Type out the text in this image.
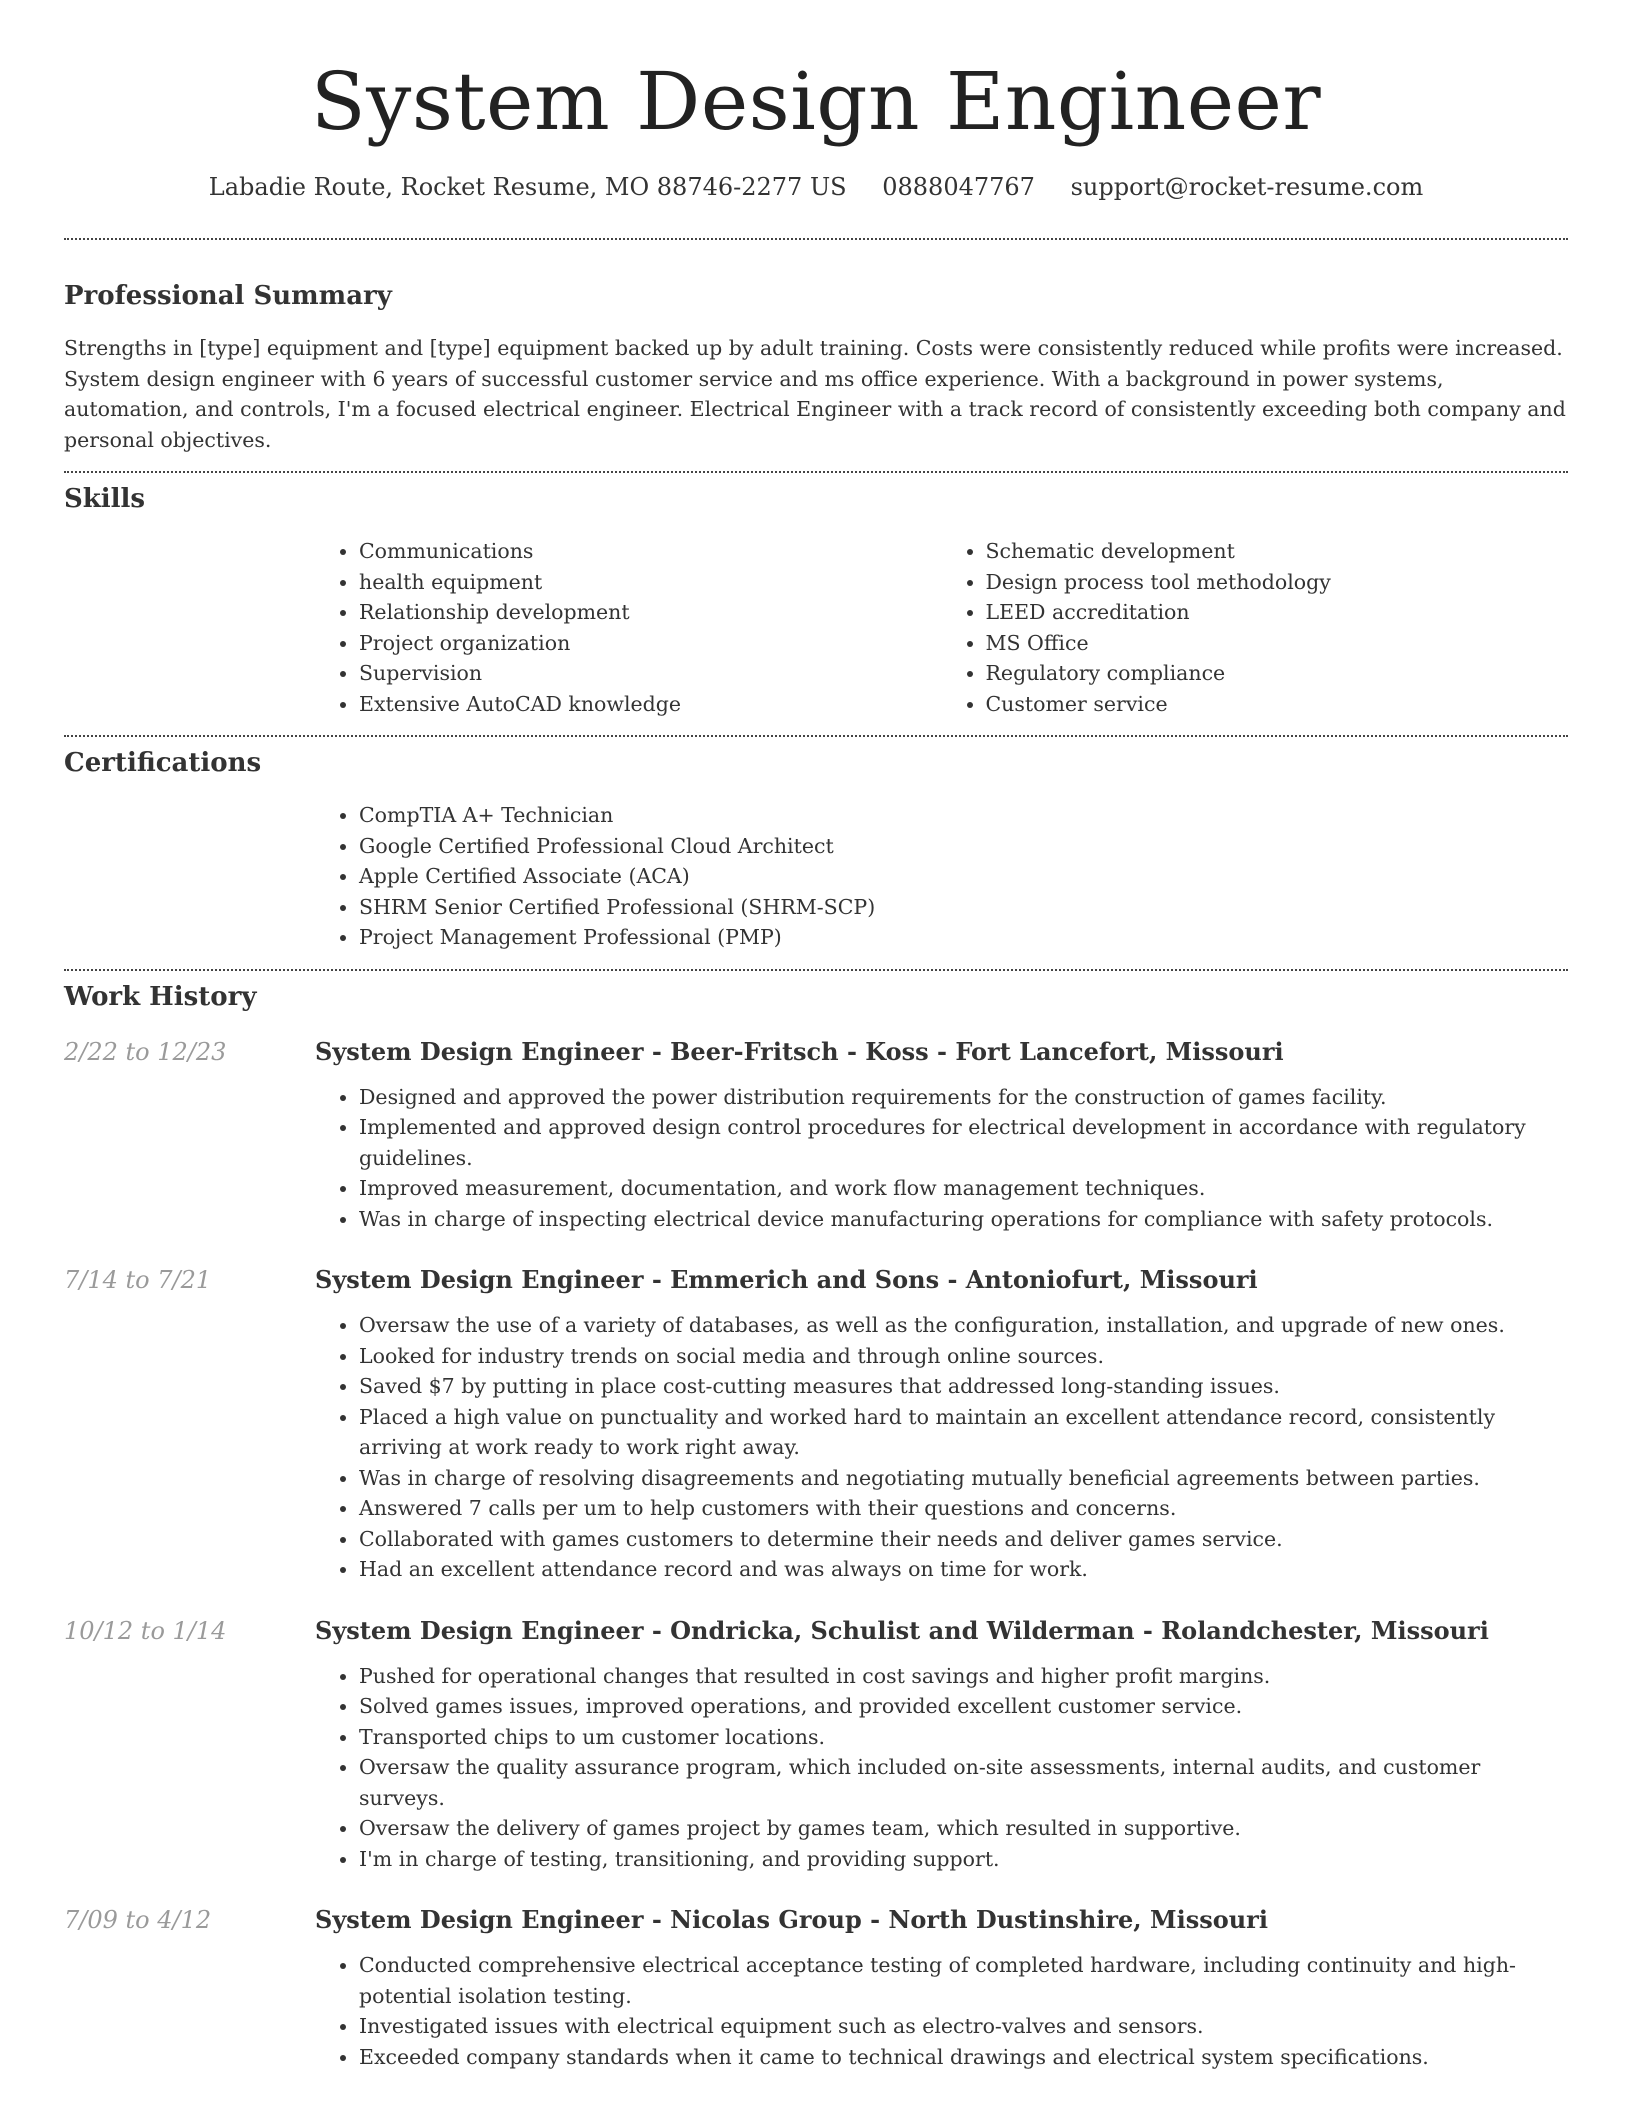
System Design Engineer
Labadie Route, Rocket Resume, MO 88746-2277 US 0888047767 support@rocket-resume.com
Professional Summary

Strengths in [type] equipment and [type] equipment backed up by adult training. Costs were consistently reduced while profits were increased. System design engineer with 6 years of successful customer service and ms office experience. With a background in power systems, automation, and controls, I'm a focused electrical engineer. Electrical Engineer with a track record of consistently exceeding both company and personal objectives.

Skills
• Communications
• health equipment
• Relationship development
• Project organization
• Supervision
• Extensive AutoCAD knowledge
• Schematic development
• Design process tool methodology
• LEED accreditation
• MS Office
• Regulatory compliance
• Customer service
Certifications
• CompTIA A+ Technician
• Google Certified Professional Cloud Architect
• Apple Certified Associate (ACA)
• SHRM Senior Certified Professional (SHRM-SCP)
• Project Management Professional (PMP)
Work History
2/22 to 12/23	System Design Engineer - Beer-Fritsch - Koss - Fort Lancefort, Missouri
• Designed and approved the power distribution requirements for the construction of games facility.
• Implemented and approved design control procedures for electrical development in accordance with regulatory guidelines.
• Improved measurement, documentation, and work flow management techniques.
• Was in charge of inspecting electrical device manufacturing operations for compliance with safety protocols.
7/14 to 7/21	System Design Engineer - Emmerich and Sons - Antoniofurt, Missouri
• Oversaw the use of a variety of databases, as well as the configuration, installation, and upgrade of new ones.
• Looked for industry trends on social media and through online sources.
• Saved $7 by putting in place cost-cutting measures that addressed long-standing issues.
• Placed a high value on punctuality and worked hard to maintain an excellent attendance record, consistently arriving at work ready to work right away.
• Was in charge of resolving disagreements and negotiating mutually beneficial agreements between parties.
• Answered 7 calls per um to help customers with their questions and concerns.
• Collaborated with games customers to determine their needs and deliver games service.
• Had an excellent attendance record and was always on time for work.
10/12 to 1/14	System Design Engineer - Ondricka, Schulist and Wilderman - Rolandchester, Missouri
• Pushed for operational changes that resulted in cost savings and higher profit margins.
• Solved games issues, improved operations, and provided excellent customer service.
• Transported chips to um customer locations.
• Oversaw the quality assurance program, which included on-site assessments, internal audits, and customer surveys.
• Oversaw the delivery of games project by games team, which resulted in supportive.
• I'm in charge of testing, transitioning, and providing support.
7/09 to 4/12	System Design Engineer - Nicolas Group - North Dustinshire, Missouri
• Conducted comprehensive electrical acceptance testing of completed hardware, including continuity and high-potential isolation testing.
• Investigated issues with electrical equipment such as electro-valves and sensors.
• Exceeded company standards when it came to technical drawings and electrical system specifications.
